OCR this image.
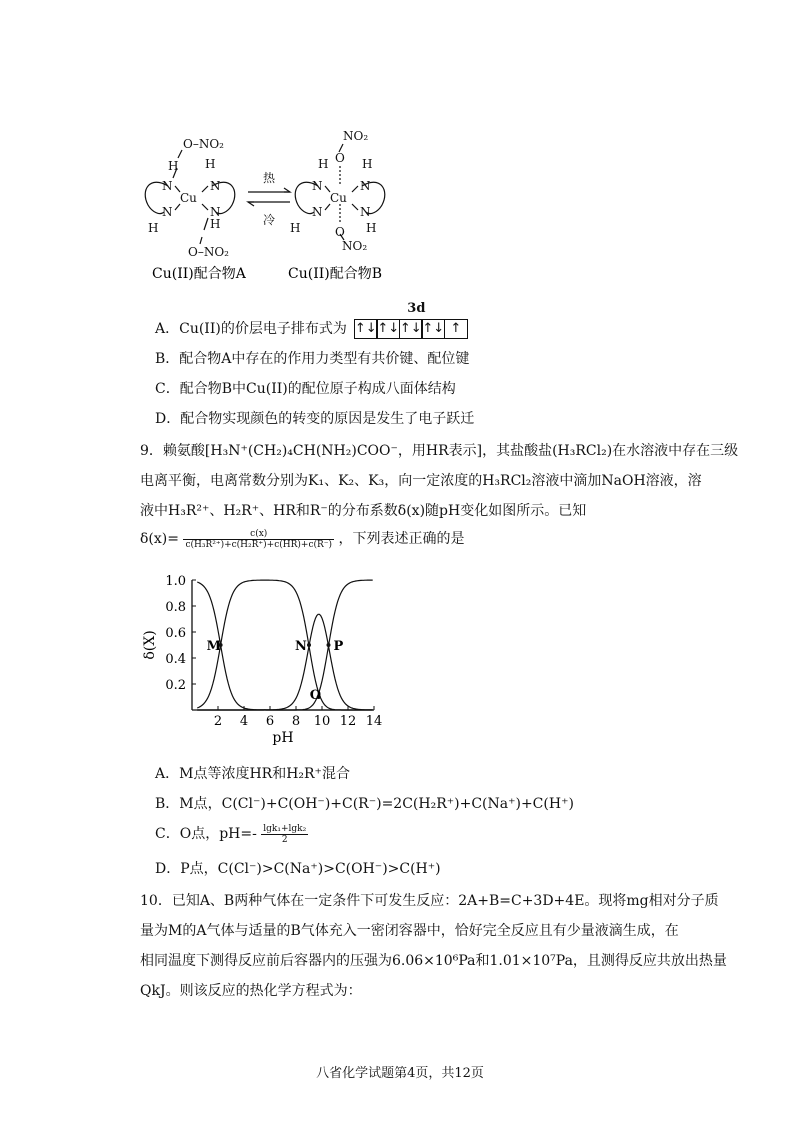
O–NO₂
H H
N	N
Cu
N	N
H	H
O–NO₂
热
冷
NO₂
O
H	H
N	N
Cu
N	N
H	H
O
NO₂
Cu(II)配合物A	Cu(II)配合物B
A．Cu(II)的价层电子排布式为
3d
↑↓↑↓↑↓↑↓ ↑
B．配合物A中存在的作用力类型有共价键、配位键
C．配合物B中Cu(II)的配位原子构成八面体结构
D．配合物实现颜色的转变的原因是发生了电子跃迁
9．赖氨酸[H₃N⁺(CH₂)₄CH(NH₂)COO⁻，用HR表示]，其盐酸盐(H₃RCl₂)在水溶液中存在三级
电离平衡，电离常数分别为K₁、K₂、K₃，向一定浓度的H₃RCl₂溶液中滴加NaOH溶液，溶
液中H₃R²⁺、H₂R⁺、HR和R⁻的分布系数δ(x)随pH变化如图所示。已知
$\delta(x)= \frac{c(x)}{\text{c(H₃R²⁺)+c(H₂R⁺)+c(HR)+c(R⁻)}}$ ，下列表述正确的是
2 4 6 8 10 12 14
0.2
0.4
0.6
0.8
1.0
pH
δ(X)	M	N
O
P
A．M点等浓度HR和H₂R⁺混合
B．M点，C(Cl⁻)+C(OH⁻)+C(R⁻)=2C(H₂R⁺)+C(Na⁺)+C(H⁺)
C．O点，$pH=- \frac{\text{lgk₁+lgk₂}}{2}$
D．P点，C(Cl⁻)>C(Na⁺)>C(OH⁻)>C(H⁺)
10．已知A、B两种气体在一定条件下可发生反应：2A+B=C+3D+4E。现将mg相对分子质
量为M的A气体与适量的B气体充入一密闭容器中，恰好完全反应且有少量液滴生成，在
相同温度下测得反应前后容器内的压强为6.06×10⁶Pa和1.01×10⁷Pa，且测得反应共放出热量
QkJ。则该反应的热化学方程式为：
八省化学试题第4页，共12页
